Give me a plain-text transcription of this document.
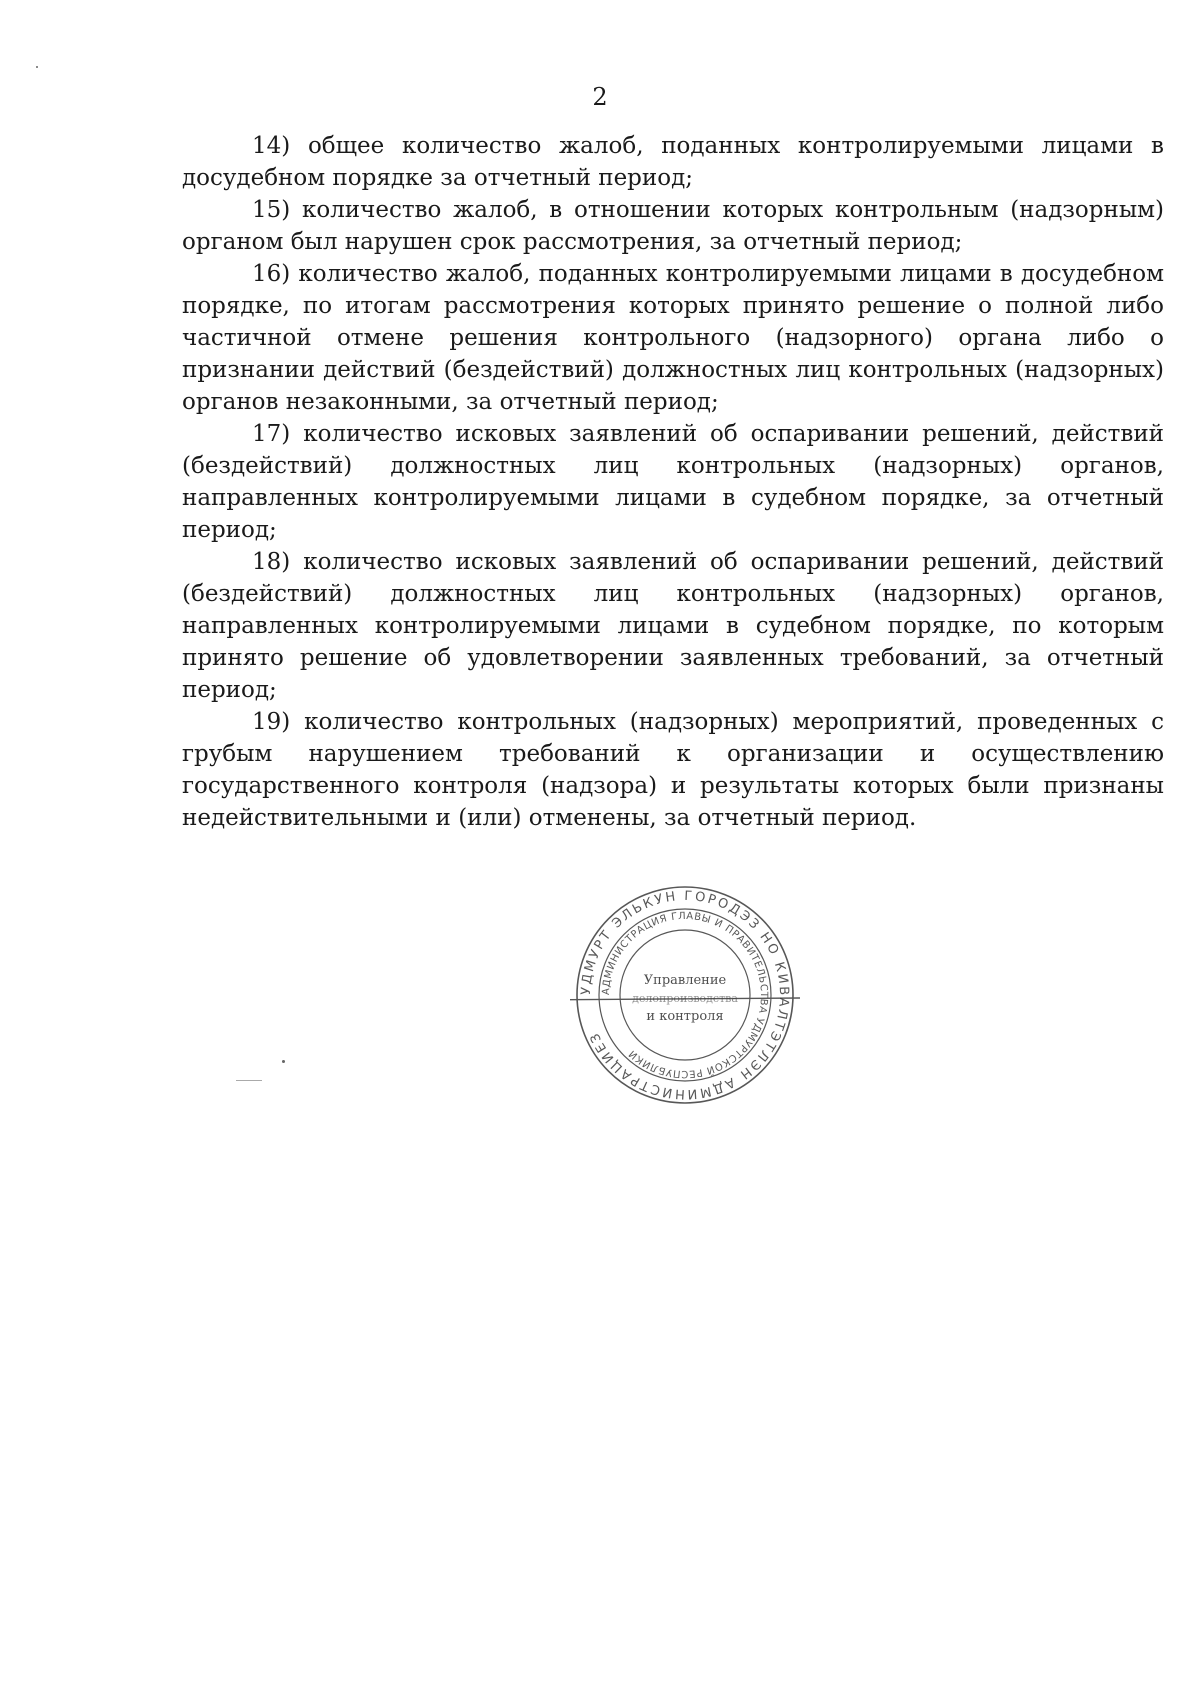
2

14) общее количество жалоб, поданных контролируемыми лицами в досудебном порядке за отчетный период;

15) количество жалоб, в отношении которых контрольным (надзорным) органом был нарушен срок рассмотрения, за отчетный период;

16) количество жалоб, поданных контролируемыми лицами в досудебном порядке, по итогам рассмотрения которых принято решение о полной либо частичной отмене решения контрольного (надзорного) органа либо о признании действий (бездействий) должностных лиц контрольных (надзорных) органов незаконными, за отчетный период;

17) количество исковых заявлений об оспаривании решений, действий (бездействий) должностных лиц контрольных (надзорных) органов, направленных контролируемыми лицами в судебном порядке, за отчетный период;

18) количество исковых заявлений об оспаривании решений, действий (бездействий) должностных лиц контрольных (надзорных) органов, направленных контролируемыми лицами в судебном порядке, по которым принято решение об удовлетворении заявленных требований, за отчетный период;

19) количество контрольных (надзорных) мероприятий, проведенных с грубым нарушением требований к организации и осуществлению государственного контроля (надзора) и результаты которых были признаны недействительными и (или) отменены, за отчетный период.

УДМУРТ ЭЛЬКУН ГОРОДЭЗ НО КИВАЛТЭТЛЭН АДМИНИСТРАЦИЕЗ
АДМИНИСТРАЦИЯ ГЛАВЫ И ПРАВИТЕЛЬСТВА УДМУРТСКОЙ РЕСПУБЛИКИ
Управление
делопроизводства
и контроля
